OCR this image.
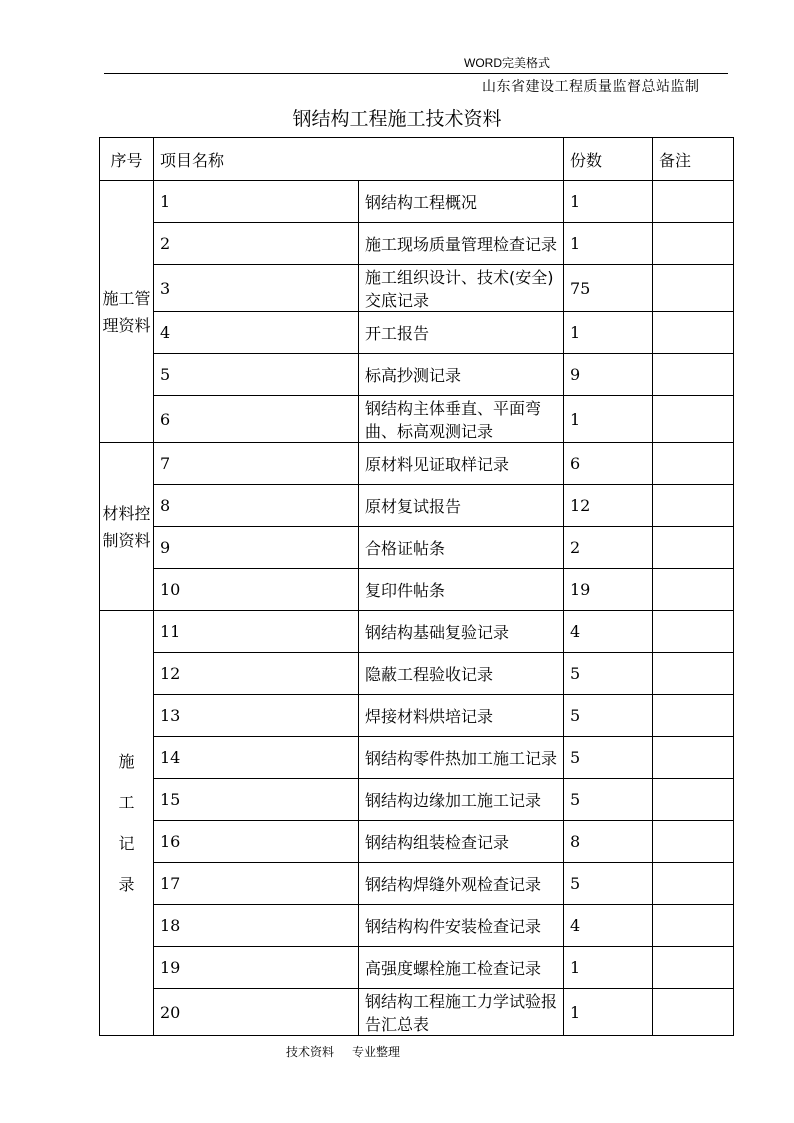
WORD完美格式
山东省建设工程质量监督总站监制
钢结构工程施工技术资料
序号	项目名称		份数	备注

施工管理资料	1	钢结构工程概况	1	
	2	施工现场质量管理检查记录	1	
	3	施工组织设计、技术(安全)交底记录	75	
	4	开工报告	1	
	5	标高抄测记录	9	
	6	钢结构主体垂直、平面弯曲、标高观测记录	1	

材料控制资料	7	原材料见证取样记录	6	
	8	原材复试报告	12	
	9	合格证帖条	2	
	10	复印件帖条	19	

施
工
记
录	11	钢结构基础复验记录	4	
	12	隐蔽工程验收记录	5	
	13	焊接材料烘培记录	5	
	14	钢结构零件热加工施工记录	5	
	15	钢结构边缘加工施工记录	5	
	16	钢结构组装检查记录	8	
	17	钢结构焊缝外观检查记录	5	
	18	钢结构构件安装检查记录	4	
	19	高强度螺栓施工检查记录	1	
	20	钢结构工程施工力学试验报告汇总表	1	
技术资料 专业整理
